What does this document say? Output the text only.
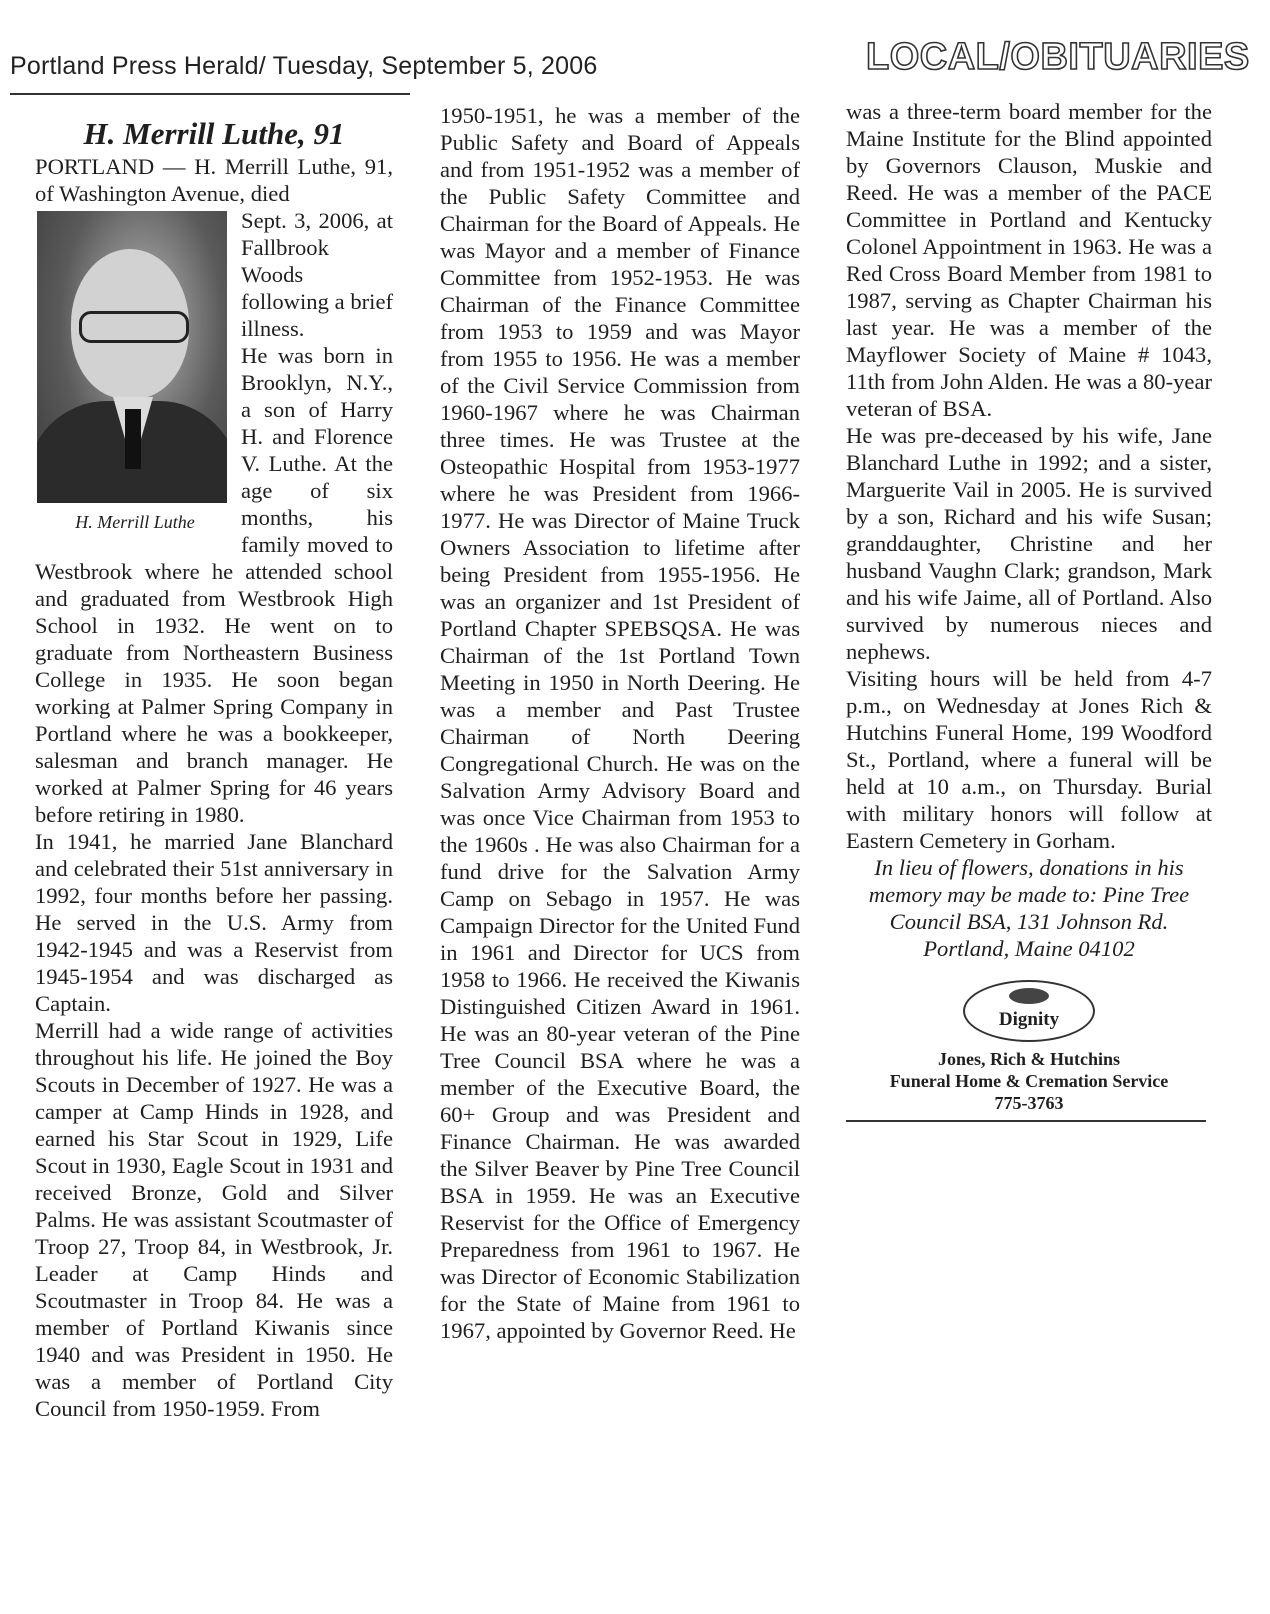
Portland Press Herald/ Tuesday, September 5, 2006	LOCAL/OBITUARIES
H. Merrill Luthe, 91

PORTLAND — H. Merrill Luthe, 91, of Washington Avenue, died

H. Merrill Luthe

Sept. 3, 2006, at Fallbrook Woods following a brief illness.

He was born in Brooklyn, N.Y., a son of Harry H. and Florence V. Luthe. At the age of six months, his family moved to Westbrook where he attended school and graduated from Westbrook High School in 1932. He went on to graduate from Northeastern Business College in 1935. He soon began working at Palmer Spring Company in Portland where he was a bookkeeper, salesman and branch manager. He worked at Palmer Spring for 46 years before retiring in 1980.

In 1941, he married Jane Blanchard and celebrated their 51st anniversary in 1992, four months before her passing. He served in the U.S. Army from 1942-1945 and was a Reservist from 1945-1954 and was discharged as Captain.

Merrill had a wide range of activities throughout his life. He joined the Boy Scouts in December of 1927. He was a camper at Camp Hinds in 1928, and earned his Star Scout in 1929, Life Scout in 1930, Eagle Scout in 1931 and received Bronze, Gold and Silver Palms. He was assistant Scoutmaster of Troop 27, Troop 84, in Westbrook, Jr. Leader at Camp Hinds and Scoutmaster in Troop 84. He was a member of Portland Kiwanis since 1940 and was President in 1950. He was a member of Portland City Council from 1950-1959. From

1950-1951, he was a member of the Public Safety and Board of Appeals and from 1951-1952 was a member of the Public Safety Committee and Chairman for the Board of Appeals. He was Mayor and a member of Finance Committee from 1952-1953. He was Chairman of the Finance Committee from 1953 to 1959 and was Mayor from 1955 to 1956. He was a member of the Civil Service Commission from 1960-1967 where he was Chairman three times. He was Trustee at the Osteopathic Hospital from 1953-1977 where he was President from 1966-1977. He was Director of Maine Truck Owners Association to lifetime after being President from 1955-1956. He was an organizer and 1st President of Portland Chapter SPEBSQSA. He was Chairman of the 1st Portland Town Meeting in 1950 in North Deering. He was a member and Past Trustee Chairman of North Deering Congregational Church. He was on the Salvation Army Advisory Board and was once Vice Chairman from 1953 to the 1960s . He was also Chairman for a fund drive for the Salvation Army Camp on Sebago in 1957. He was Campaign Director for the United Fund in 1961 and Director for UCS from 1958 to 1966. He received the Kiwanis Distinguished Citizen Award in 1961. He was an 80-year veteran of the Pine Tree Council BSA where he was a member of the Executive Board, the 60+ Group and was President and Finance Chairman. He was awarded the Silver Beaver by Pine Tree Council BSA in 1959. He was an Executive Reservist for the Office of Emergency Preparedness from 1961 to 1967. He was Director of Economic Stabilization for the State of Maine from 1961 to 1967, appointed by Governor Reed. He

was a three-term board member for the Maine Institute for the Blind appointed by Governors Clauson, Muskie and Reed. He was a member of the PACE Committee in Portland and Kentucky Colonel Appointment in 1963. He was a Red Cross Board Member from 1981 to 1987, serving as Chapter Chairman his last year. He was a member of the Mayflower Society of Maine # 1043, 11th from John Alden. He was a 80-year veteran of BSA.

He was pre-deceased by his wife, Jane Blanchard Luthe in 1992; and a sister, Marguerite Vail in 2005. He is survived by a son, Richard and his wife Susan; granddaughter, Christine and her husband Vaughn Clark; grandson, Mark and his wife Jaime, all of Portland. Also survived by numerous nieces and nephews.

Visiting hours will be held from 4-7 p.m., on Wednesday at Jones Rich & Hutchins Funeral Home, 199 Woodford St., Portland, where a funeral will be held at 10 a.m., on Thursday. Burial with military honors will follow at Eastern Cemetery in Gorham.

In lieu of flowers, donations in his
memory may be made to: Pine Tree
Council BSA, 131 Johnson Rd.
Portland, Maine 04102
Dignity
Jones, Rich & Hutchins
Funeral Home & Cremation Service
775-3763
